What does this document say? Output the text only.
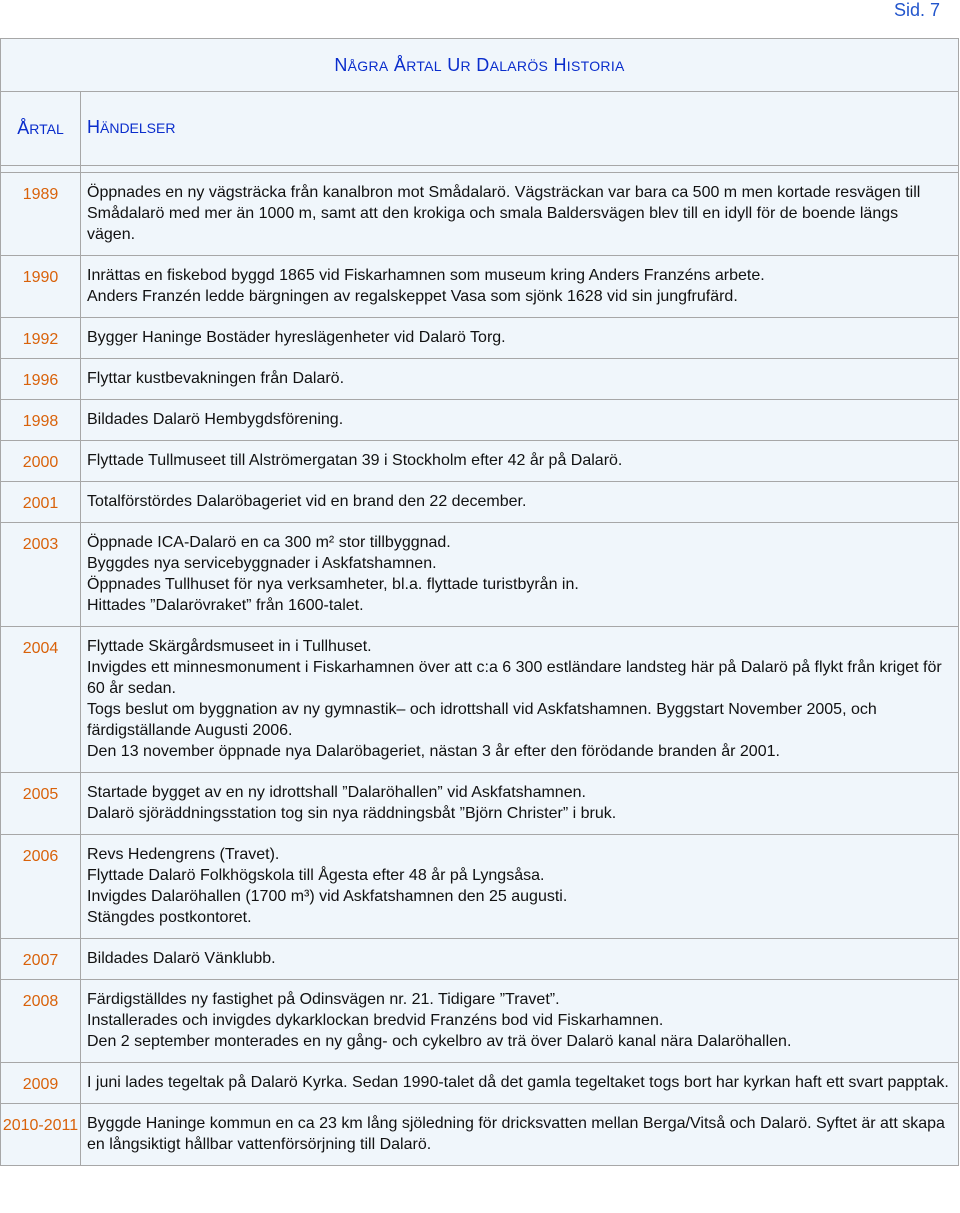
Sid. 7
NÅGRA ÅRTAL UR DALARÖS HISTORIA	
ÅRTAL	HÄNDELSER

1989	Öppnades en ny vägsträcka från kanalbron mot Smådalarö. Vägsträckan var bara ca 500 m men kortade resvägen till Smådalarö med mer än 1000 m, samt att den krokiga och smala Baldersvägen blev till en idyll för de boende längs vägen.

1990	Inrättas en fiskebod byggd 1865 vid Fiskarhamnen som museum kring Anders Franzéns arbete.
Anders Franzén ledde bärgningen av regalskeppet Vasa som sjönk 1628 vid sin jungfrufärd.

1992	Bygger Haninge Bostäder hyreslägenheter vid Dalarö Torg.

1996	Flyttar kustbevakningen från Dalarö.

1998	Bildades Dalarö Hembygdsförening.

2000	Flyttade Tullmuseet till Alströmergatan 39 i Stockholm efter 42 år på Dalarö.

2001	Totalförstördes Dalaröbageriet vid en brand den 22 december.

2003	Öppnade ICA-Dalarö en ca 300 m² stor tillbyggnad.
Byggdes nya servicebyggnader i Askfatshamnen.
Öppnades Tullhuset för nya verksamheter, bl.a. flyttade turistbyrån in.
Hittades ”Dalarövraket” från 1600-talet.

2004	Flyttade Skärgårdsmuseet in i Tullhuset.
Invigdes ett minnesmonument i Fiskarhamnen över att c:a 6 300 estländare landsteg här på Dalarö på flykt från kriget för 60 år sedan.
Togs beslut om byggnation av ny gymnastik– och idrottshall vid Askfatshamnen. Byggstart November 2005, och färdigställande Augusti 2006.
Den 13 november öppnade nya Dalaröbageriet, nästan 3 år efter den förödande branden år 2001.

2005	Startade bygget av en ny idrottshall ”Dalaröhallen” vid Askfatshamnen.
Dalarö sjöräddningsstation tog sin nya räddningsbåt ”Björn Christer” i bruk.

2006	Revs Hedengrens (Travet).
Flyttade Dalarö Folkhögskola till Ågesta efter 48 år på Lyngsåsa.
Invigdes Dalaröhallen (1700 m³) vid Askfatshamnen den 25 augusti.
Stängdes postkontoret.

2007	Bildades Dalarö Vänklubb.

2008	Färdigställdes ny fastighet på Odinsvägen nr. 21. Tidigare ”Travet”.
Installerades och invigdes dykarklockan bredvid Franzéns bod vid Fiskarhamnen.
Den 2 september monterades en ny gång- och cykelbro av trä över Dalarö kanal nära Dalaröhallen.

2009	I juni lades tegeltak på Dalarö Kyrka. Sedan 1990-talet då det gamla tegeltaket togs bort har kyrkan haft ett svart papptak.

2010-2011	Byggde Haninge kommun en ca 23 km lång sjöledning för dricksvatten mellan Berga/Vitså och Dalarö. Syftet är att skapa en långsiktigt hållbar vattenförsörjning till Dalarö.
